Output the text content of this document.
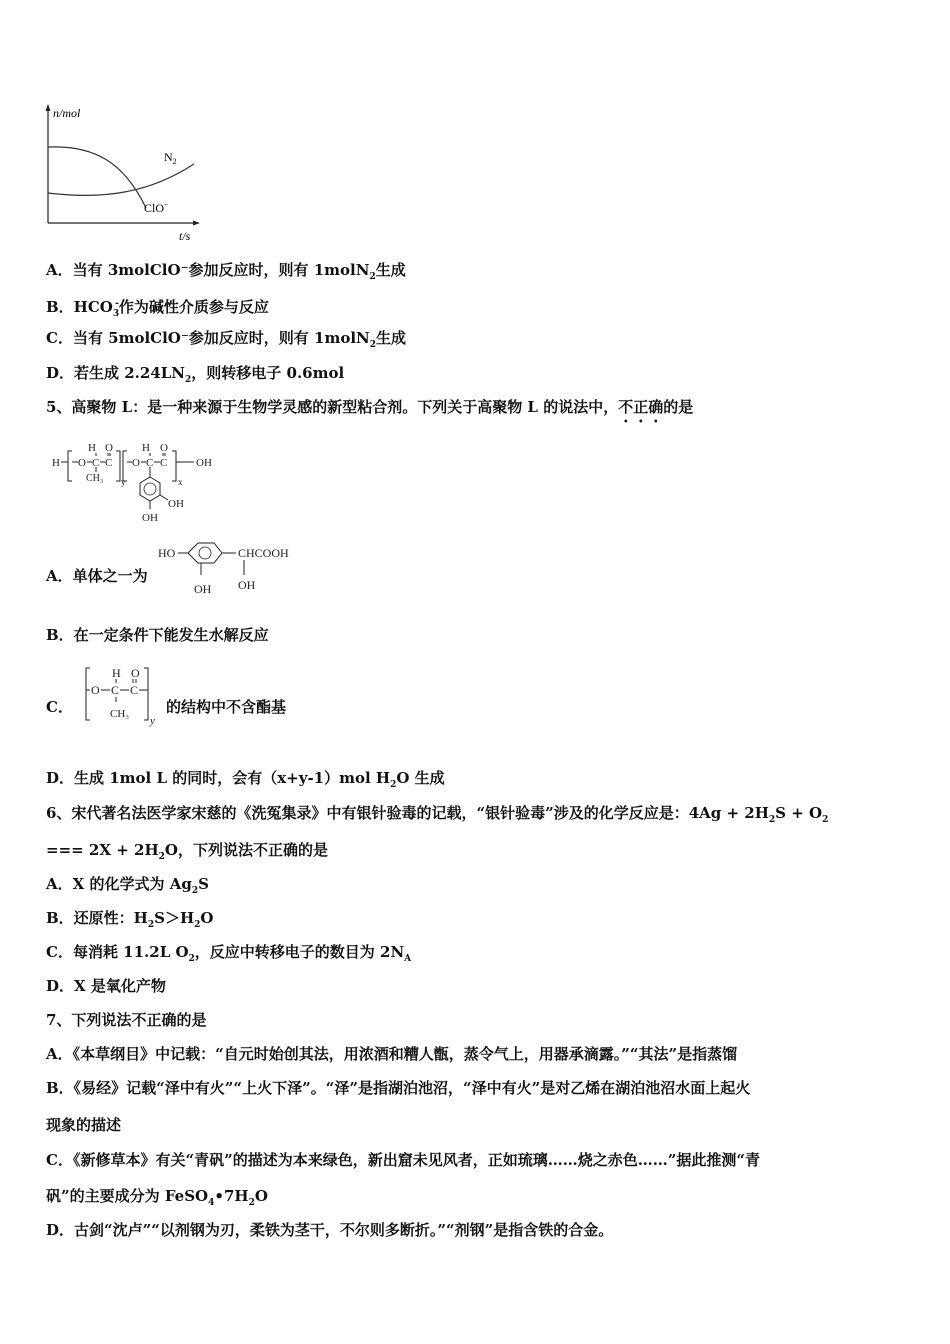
n/mol
t/s
$N_2$
ClO−
A．当有 3molClO⁻参加反应时，则有 1molN$_2$生成
B．$HCO_3^-$作为碱性介质参与反应
C．当有 5molClO⁻参加反应时，则有 1molN$_2$生成
D．若生成 $2.24LN_2$，则转移电子 0.6mol
5、高聚物 L：是一种来源于生物学灵感的新型粘合剂。下列关于高聚物 L 的说法中，不正确的是
H O C
H
CH₃
C
O
y
O C
H
C
O
x
OH
OH
OH
A．单体之一为
HO	CHCOOH
OH
OH
B．在一定条件下能发生水解反应
C．
O C
H
CH₃
C
O
y
的结构中不含酯基
D．生成 1mol L 的同时，会有（x+y-1）mol $H_2O$ 生成
6、宋代著名法医学家宋慈的《洗冤集录》中有银针验毒的记载，“银针验毒”涉及的化学反应是：$4Ag + 2H_2S + O_2$
=== $2X + 2H_2O$，下列说法不正确的是
A．X 的化学式为 $Ag_2S$
B．还原性：$H_2S>H_2O$
C．每消耗 11.2L $O_2$，反应中转移电子的数目为 $2N_A$
D．X 是氧化产物
7、下列说法不正确的是
A．《本草纲目》中记载：“自元时始创其法，用浓酒和糟人甑，蒸令气上，用器承滴露。”“其法”是指蒸馏
B．《易经》记载“泽中有火”“上火下泽”。“泽”是指湖泊池沼，“泽中有火”是对乙烯在湖泊池沼水面上起火
现象的描述
C．《新修草本》有关“青矾”的描述为本来绿色，新出窟未见风者，正如琉璃……烧之赤色……”据此推测“青
矾”的主要成分为 $FeSO_4•7H_2O$
D．古剑“沈卢”“以剂钢为刃，柔铁为茎干，不尔则多断折。”“剂钢”是指含铁的合金。
